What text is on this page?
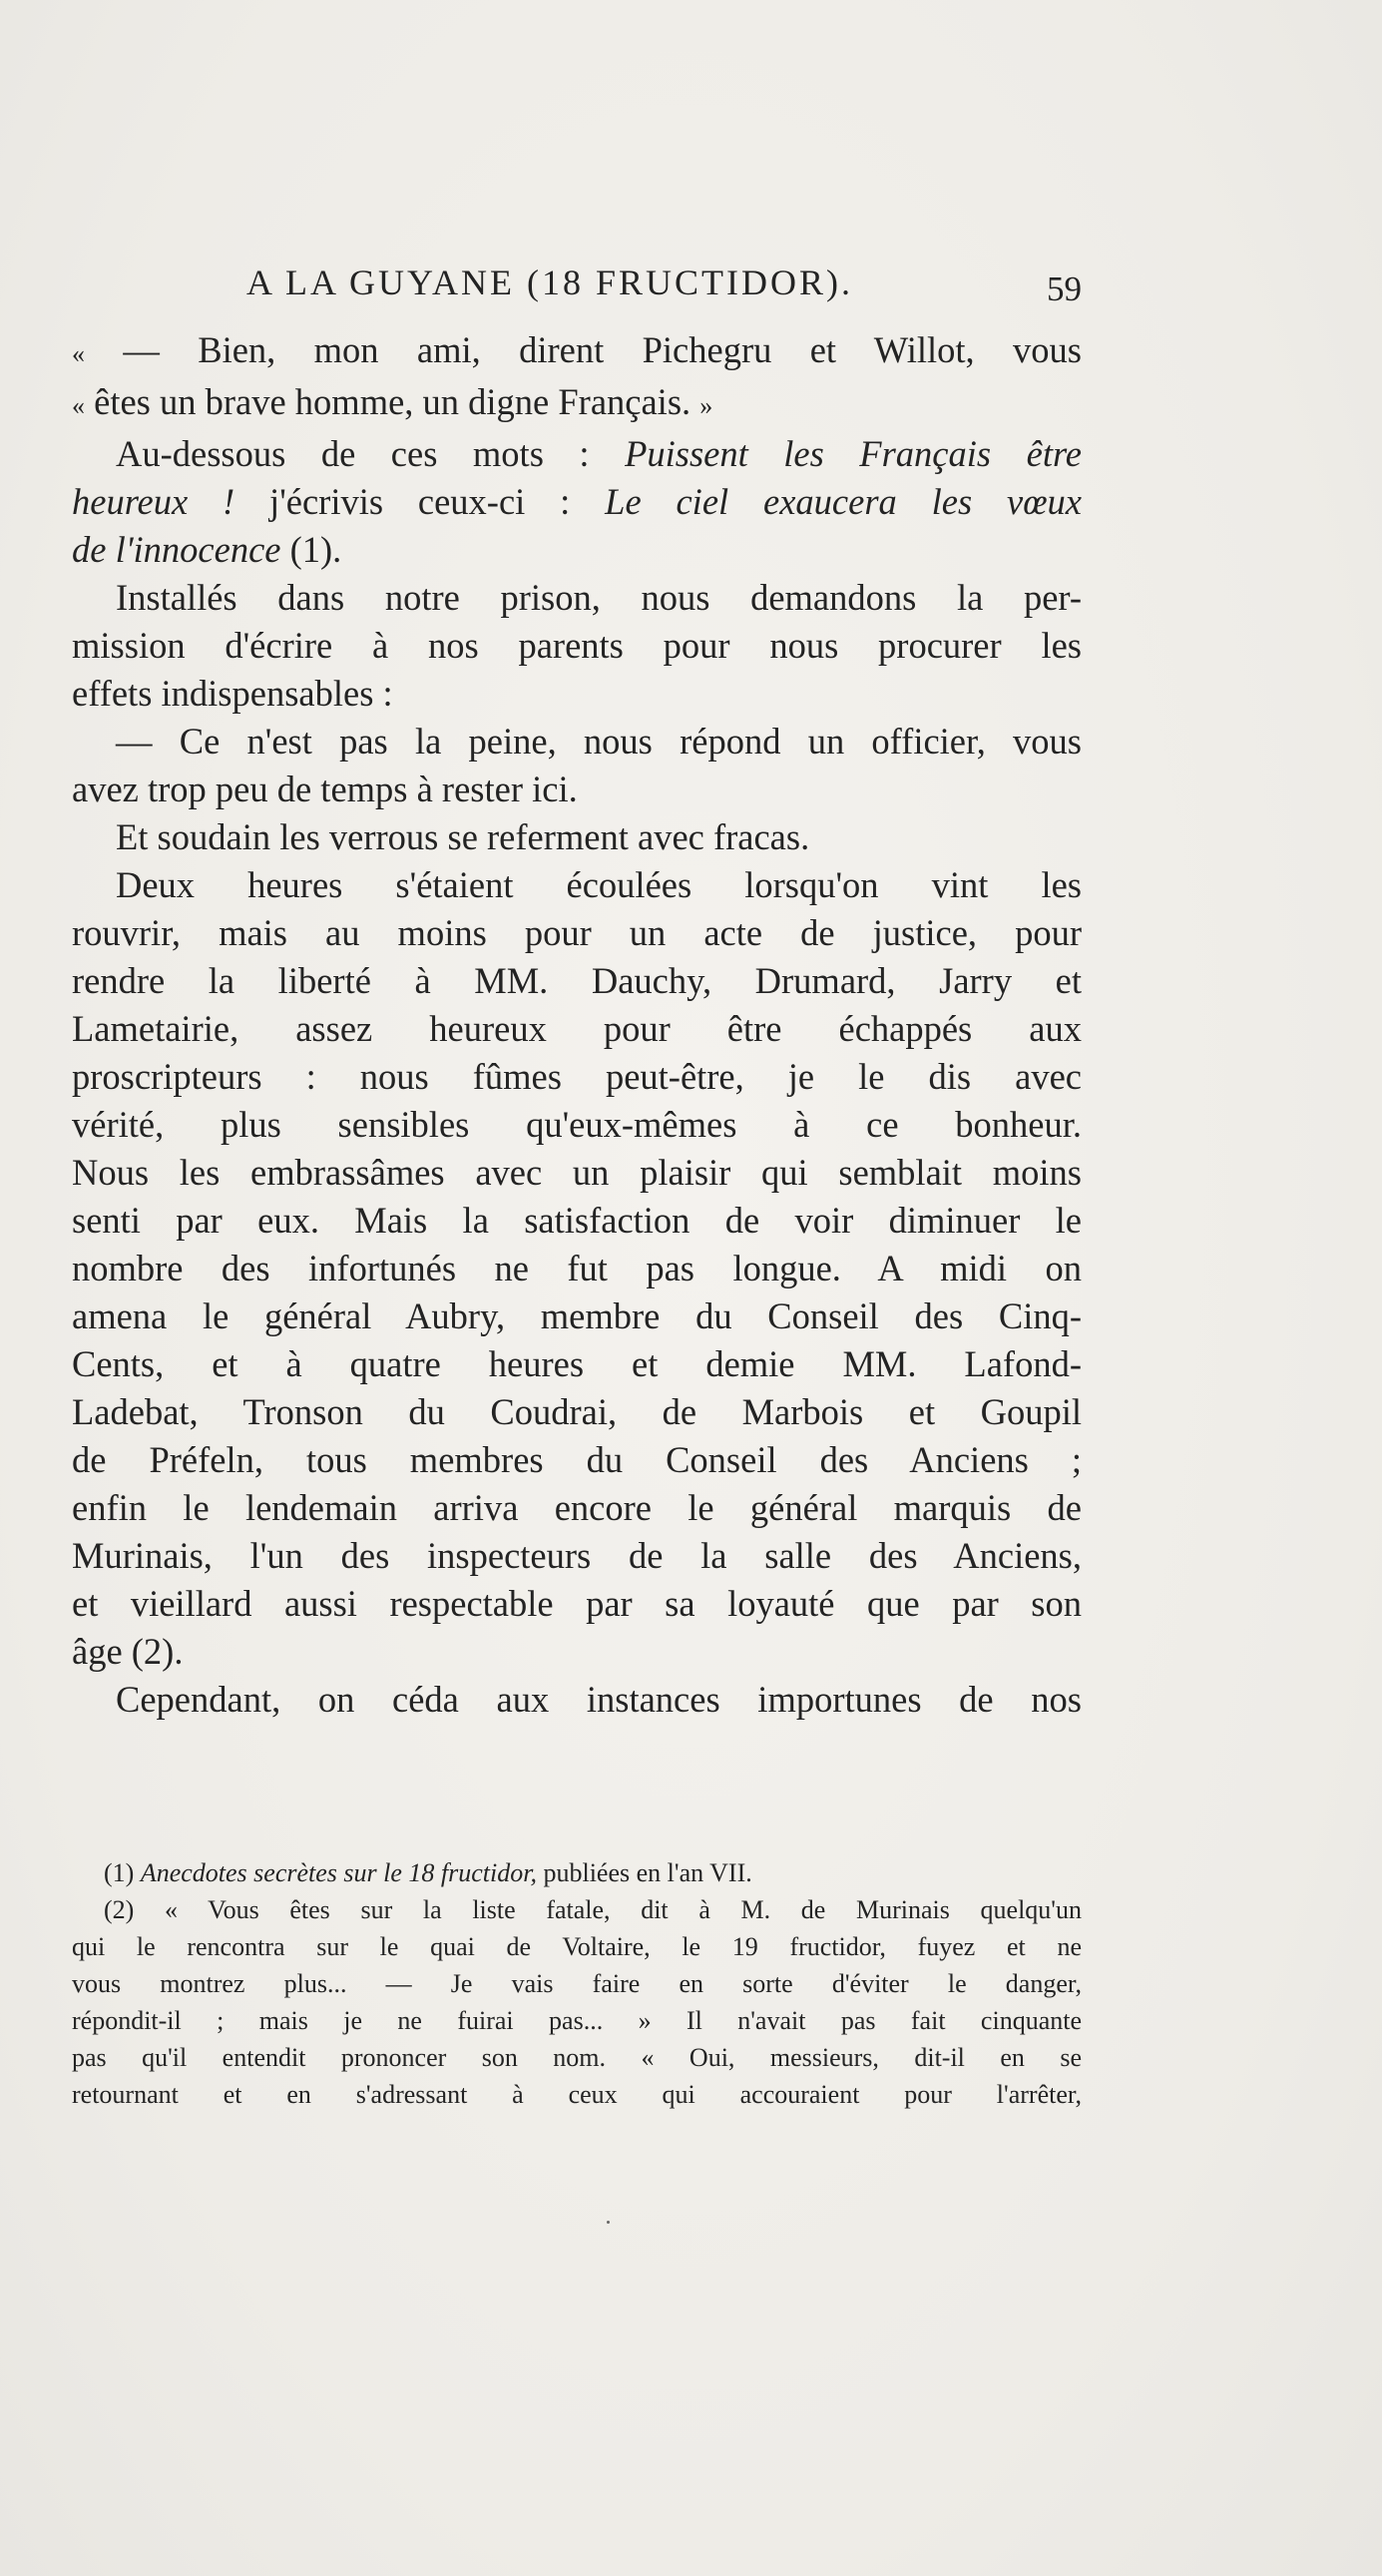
A LA GUYANE (18 FRUCTIDOR).	59

« — Bien, mon ami, dirent Pichegru et Willot, vous

« êtes un brave homme, un digne Français. »

Au-dessous de ces mots : Puissent les Français être

heureux ! j'écrivis ceux-ci : Le ciel exaucera les vœux

de l'innocence (1).

Installés dans notre prison, nous demandons la per-

mission d'écrire à nos parents pour nous procurer les

effets indispensables :

— Ce n'est pas la peine, nous répond un officier, vous

avez trop peu de temps à rester ici.

Et soudain les verrous se referment avec fracas.

Deux heures s'étaient écoulées lorsqu'on vint les

rouvrir, mais au moins pour un acte de justice, pour

rendre la liberté à MM. Dauchy, Drumard, Jarry et

Lametairie, assez heureux pour être échappés aux

proscripteurs : nous fûmes peut-être, je le dis avec

vérité, plus sensibles qu'eux-mêmes à ce bonheur.

Nous les embrassâmes avec un plaisir qui semblait moins

senti par eux. Mais la satisfaction de voir diminuer le

nombre des infortunés ne fut pas longue. A midi on

amena le général Aubry, membre du Conseil des Cinq-

Cents, et à quatre heures et demie MM. Lafond-

Ladebat, Tronson du Coudrai, de Marbois et Goupil

de Préfeln, tous membres du Conseil des Anciens ;

enfin le lendemain arriva encore le général marquis de

Murinais, l'un des inspecteurs de la salle des Anciens,

et vieillard aussi respectable par sa loyauté que par son

âge (2).

Cependant, on céda aux instances importunes de nos

(1) Anecdotes secrètes sur le 18 fructidor, publiées en l'an VII.

(2) « Vous êtes sur la liste fatale, dit à M. de Murinais quelqu'un

qui le rencontra sur le quai de Voltaire, le 19 fructidor, fuyez et ne

vous montrez plus... — Je vais faire en sorte d'éviter le danger,

répondit-il ; mais je ne fuirai pas... » Il n'avait pas fait cinquante

pas qu'il entendit prononcer son nom. « Oui, messieurs, dit-il en se

retournant et en s'adressant à ceux qui accouraient pour l'arrêter,
